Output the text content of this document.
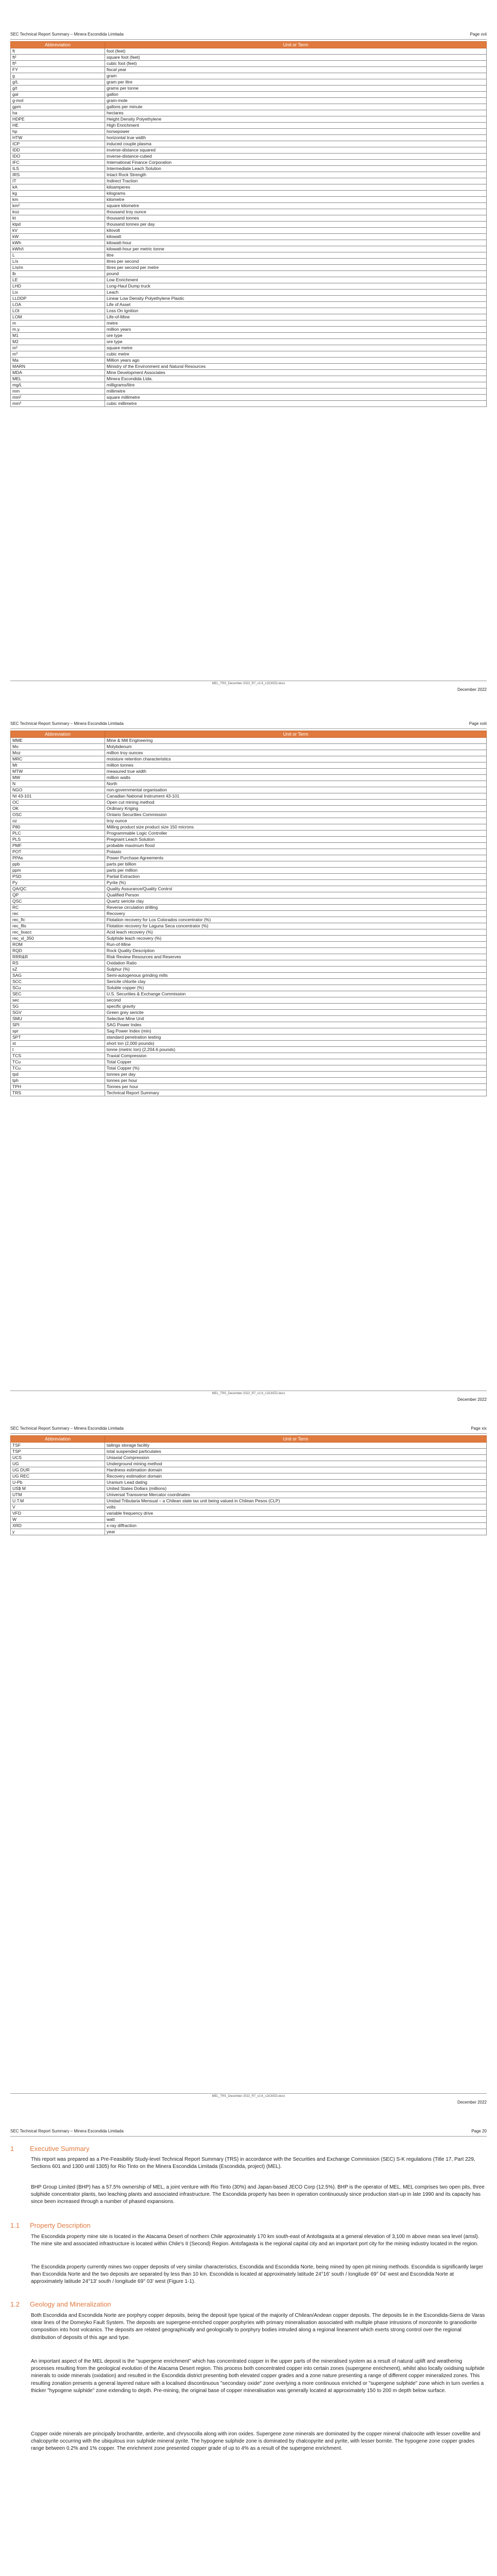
SEC Technical Report Summary – Minera Escondida Limitada	Page xvii
Abbreviation	Unit or Term
ft	foot (feet)
ft²	square foot (feet)
ft³	cubic foot (feet)
FY	fiscal year
g	gram
g/L	gram per litre
g/t	grams per tonne
gal	gallon
g-mol	gram-mole
gpm	gallons per minute
ha	hectares
HDPE	Height Density Polyethylene
HE	High Enrichment
hp	horsepower
HTW	horizontal true width
ICP	induced couple plasma
IDD	inverse-distance squared
IDO	inverse-distance-cubed
IFC	International Finance Corporation
ILS	Intermediate Leach Solution
IRS	Intact Rock Strength
IT	Indirect Traction
kA	kiloamperes
kg	kilograms
km	kilometre
km²	square kilometre
koz	thousand troy ounce
kt	thousand tonnes
ktpd	thousand tonnes per day
kV	kilovolt
kW	kilowatt
kWh	kilowatt-hour
kWh/t	kilowatt-hour per metric tonne
L	litre
L/s	litres per second
L/s/m	litres per second per metre
lb	pound
LE	Low Enrichment
LHD	Long-Haul Dump truck
Lix	Leach
LLDDP	Linear Low Density Polyethylene Plastic
LOA	Life of Asset
LOI	Loss On Ignition
LOM	Life-of-Mine
m	metre
m.y.	million years
M1	ore type
M2	ore type
m²	square metre
m³	cubic metre
Ma	Million years ago
MARN	Ministry of the Environment and Natural Resources
MDA	Mine Development Associates
MEL	Minera Escondida Ltda.
mg/L	milligrams/litre
mm	millimetre
mm²	square millimetre
mm³	cubic millimetre
MEL_TRS_December 2022_R7_v2.6_LOCKED.docx
December 2022
SEC Technical Report Summary – Minera Escondida Limitada	Page xviii
Abbreviation	Unit or Term
MME	Mine & Mill Engineering
Mo	Molybdenum
Moz	million troy ounces
MRC	moisture retention characteristics
Mt	million tonnes
MTW	measured true width
MW	million watts
N	North
NGO	non-governmental organisation
NI 43-101	Canadian National Instrument 43-101
OC	Open cut mining method
OK	Ordinary Kriging
OSC	Ontario Securities Commission
oz	troy ounce
P80	Milling product size product size 150 microns
PLC	Programmable Logic Controller
PLS	Pregnant Leach Solution
PMF	probable maximum flood
POT	Potasio
PPAs	Power Purchase Agreements
ppb	parts per billion
ppm	parts per million
PSD	Partial Extraction
Py	Pyrite (%)
QA/QC	Quality Assurance/Quality Control
QP	Qualified Person
QSC	Quartz sericite clay
RC	Reverse circulation drilling
rec	Recovery
rec_flc	Flotation recovery for Los Colorados concentrator (%)
rec_flls	Flotation recovery for Laguna Seca concentrator (%)
rec_lixacc	Acid leach recovery (%)
rec_sl_350	Sulphide leach recovery (%)
ROM	Run-of-Mine
RQD	Rock Quality Description
RRR&R	Risk Review Resources and Reserves
RS	Oxidation Ratio
sZ	Sulphur (%)
SAG	Semi-autogenous grinding mills
SCC	Sericite chlorite clay
SCu	Soluble copper (%)
SEC	U.S. Securities & Exchange Commission
sec	second
SG	specific gravity
SGV	Green grey sericite
SMU	Selective Mine Unit
SPI	SAG Power Index
spr	Sag Power Index (min)
SPT	standard penetration testing
st	short ton (2,000 pounds)
t	tonne (metric ton) (2,204.6 pounds)
TCS	Traxial Compression
TCu	Total Copper
TCu	Total Copper (%)
tpd	tonnes per day
tph	tonnes per hour
TPH	Tonnes per hour
TRS	Technical Report Summary
MEL_TRS_December 2022_R7_v2.6_LOCKED.docx
December 2022
SEC Technical Report Summary – Minera Escondida Limitada	Page xix
Abbreviation	Unit or Term
TSF	tailings storage facility
TSP	total suspended particulates
UCS	Uniaxial Compression
UG	Underground mining method
UG DUR	Hardness estimation domain
UG REC	Recovery estimation domain
U-Pb	Uranium Lead dating
US$ M	United States Dollars (millions)
UTM	Universal Transverse Mercator coordinates
U.T.M	Unidad Tributaria Mensual – a Chilean state tax unit being valued in Chilean Pesos (CLP)
V	volts
VFD	variable frequency drive
W	watt
XRD	x-ray diffraction
y	year
MEL_TRS_December 2022_R7_v2.6_LOCKED.docx
December 2022
SEC Technical Report Summary – Minera Escondida Limitada	Page 20
1 Executive Summary
This report was prepared as a Pre-Feasibility Study-level Technical Report Summary (TRS) in accordance with the Securities and Exchange Commission (SEC) S-K regulations (Title 17, Part 229, Sections 601 and 1300 until 1305) for Rio Tinto on the Minera Escondida Limitada (Escondida, project) (MEL).
BHP Group Limited (BHP) has a 57.5% ownership of MEL, a joint venture with Rio Tinto (30%) and Japan-based JECO Corp (12.5%). BHP is the operator of MEL. MEL comprises two open pits, three sulphide concentrator plants, two leaching plants and associated infrastructure. The Escondida property has been in operation continuously since production start-up in late 1990 and its capacity has since been increased through a number of phased expansions.
1.1 Property Description
The Escondida property mine site is located in the Atacama Desert of northern Chile approximately 170 km south-east of Antofagasta at a general elevation of 3,100 m above mean sea level (amsl). The mine site and associated infrastructure is located within Chile's II (Second) Region. Antofagasta is the regional capital city and an important port city for the mining industry located in the region.
The Escondida property currently mines two copper deposits of very similar characteristics, Escondida and Escondida Norte, being mined by open pit mining methods. Escondida is significantly larger than Escondida Norte and the two deposits are separated by less than 10 km. Escondida is located at approximately latitude 24°16' south / longitude 69° 04' west and Escondida Norte at approximately latitude 24°13' south / longitude 69° 03' west (Figure 1-1).
1.2 Geology and Mineralization
Both Escondida and Escondida Norte are porphyry copper deposits, being the deposit type typical of the majority of Chilean/Andean copper deposits. The deposits lie in the Escondida-Sierra de Varas stear lines of the Domeyko Fault System. The deposits are supergene-enriched copper porphyries with primary mineralisation associated with multiple phase intrusions of monzonite to granodiorite composition into host volcanics. The deposits are related geographically and geologically to porphyry bodies intruded along a regional lineament which exerts strong control over the regional distribution of deposits of this age and type.
An important aspect of the MEL deposit is the "supergene enrichment" which has concentrated copper in the upper parts of the mineralised system as a result of natural uplift and weathering processes resulting from the geological evolution of the Atacama Desert region. This process both concentrated copper into certain zones (supergene enrichment), whilst also locally oxidising sulphide minerals to oxide minerals (oxidation) and resulted in the Escondida district presenting both elevated copper grades and a zone nature presenting a range of different copper mineralized zones. This resulting zonation presents a general layered nature with a localised discontinuous "secondary oxide" zone overlying a more continuous enriched or "supergene sulphide" zone which in turn overlies a thicker "hypogene sulphide" zone extending to depth. Pre-mining, the original base of copper mineralisation was generally located at approximately 150 to 200 m depth below surface.
Copper oxide minerals are principally brochantite, antlerite, and chrysocolla along with iron oxides. Supergene zone minerals are dominated by the copper mineral chalcocite with lesser covellite and chalcopyrite occurring with the ubiquitous iron sulphide mineral pyrite. The hypogene sulphide zone is dominated by chalcopyrite and pyrite, with lesser bornite. The hypogene zone copper grades range between 0.2% and 1% copper. The enrichment zone presented copper grade of up to 4% as a result of the supergene enrichment.
